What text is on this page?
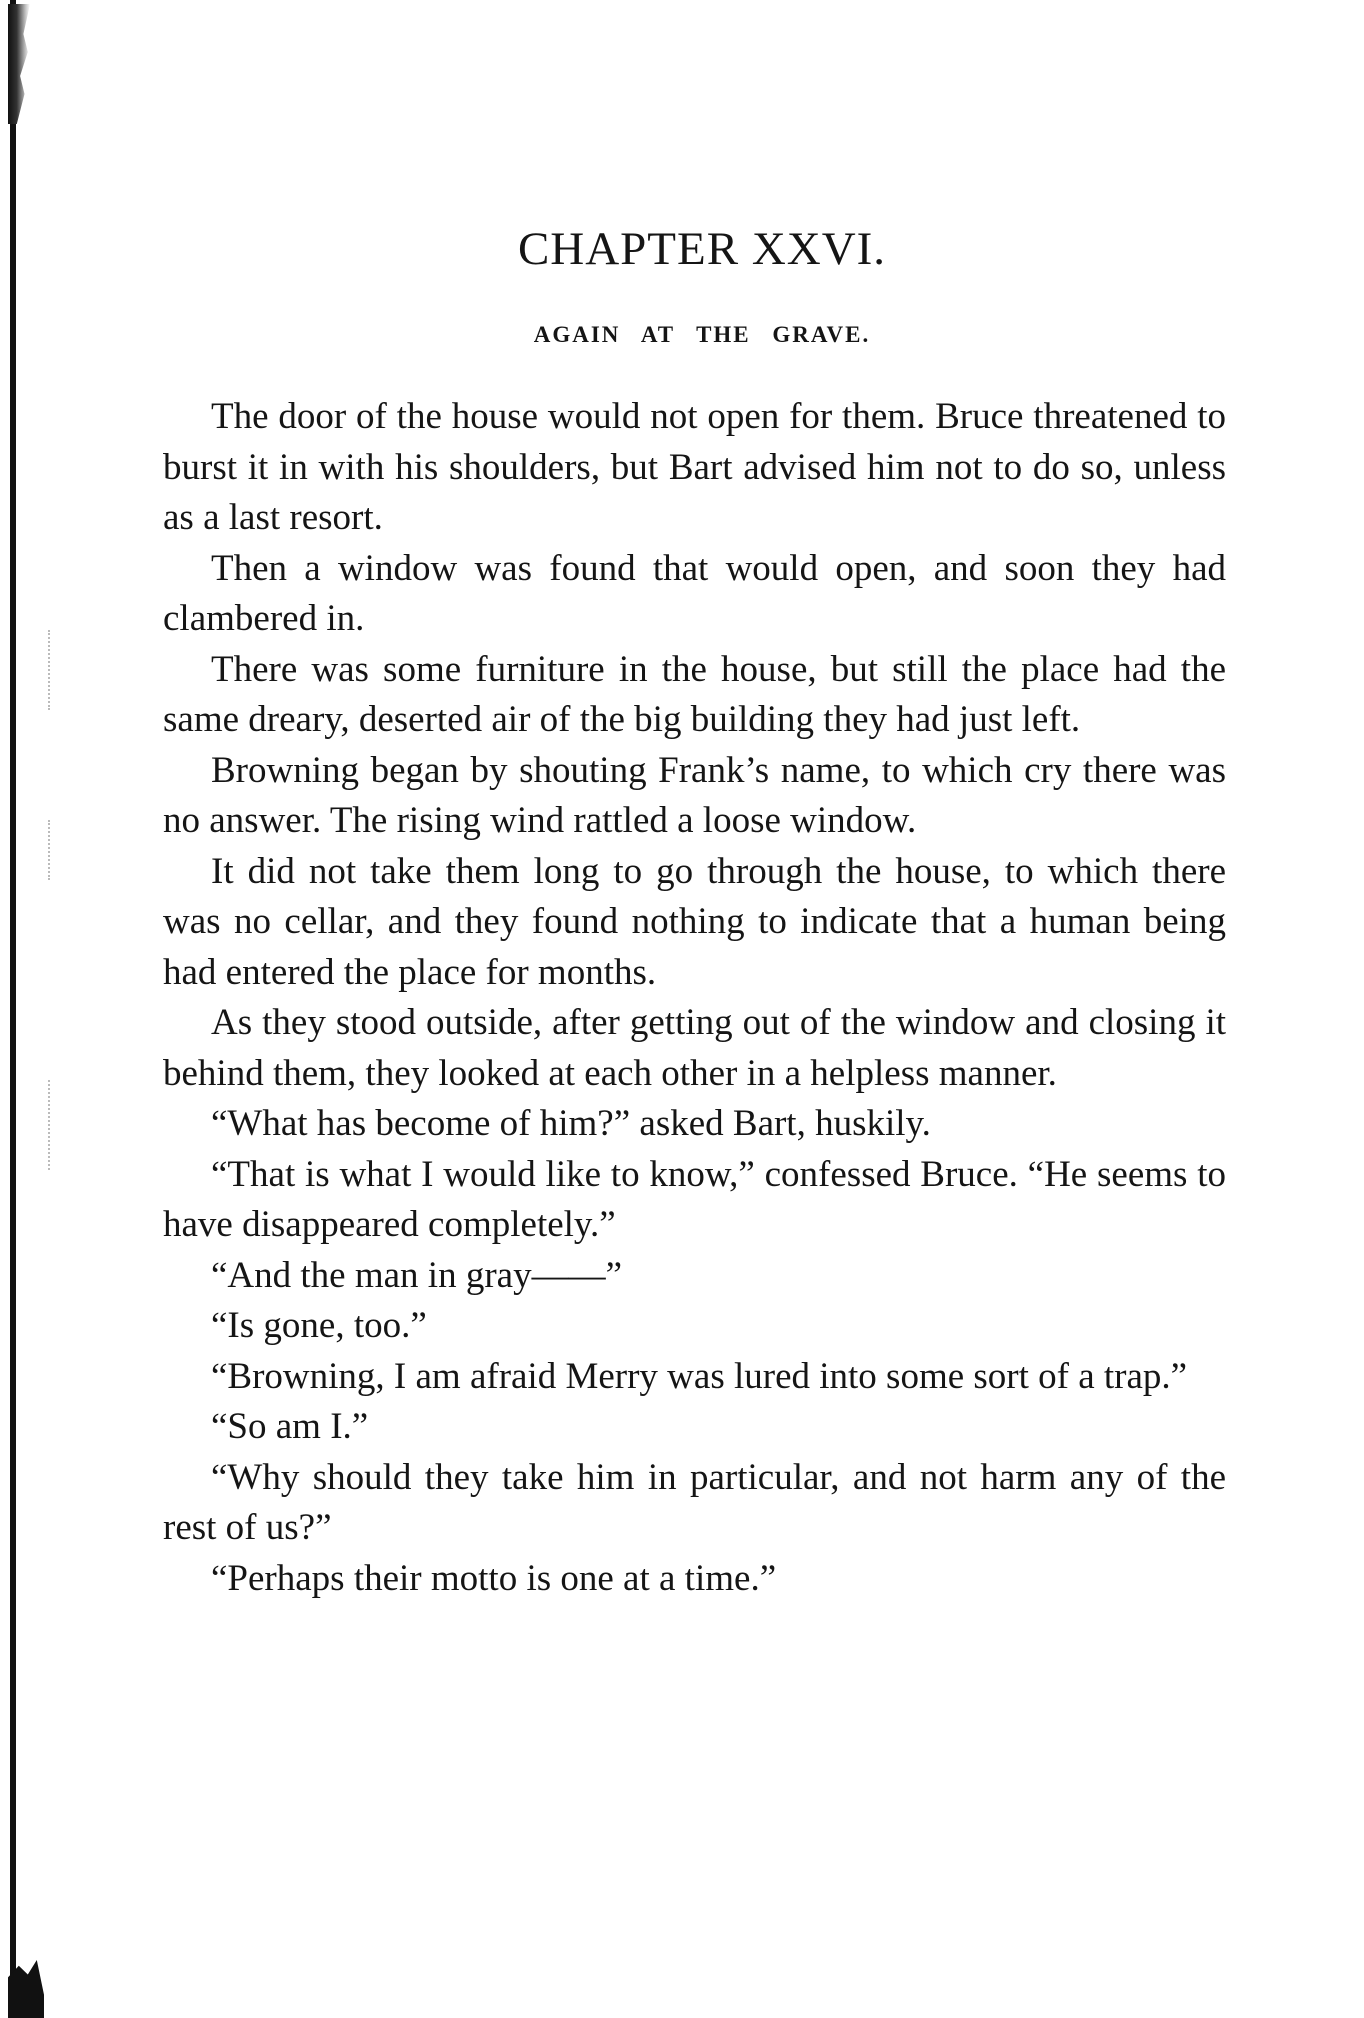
CHAPTER XXVI.
AGAIN AT THE GRAVE.

The door of the house would not open for them. Bruce threatened to burst it in with his shoulders, but Bart advised him not to do so, unless as a last resort.

Then a window was found that would open, and soon they had clambered in.

There was some furniture in the house, but still the place had the same dreary, deserted air of the big building they had just left.

Browning began by shouting Frank’s name, to which cry there was no answer. The rising wind rattled a loose window.

It did not take them long to go through the house, to which there was no cellar, and they found nothing to indicate that a human being had entered the place for months.

As they stood outside, after getting out of the window and closing it behind them, they looked at each other in a helpless manner.

“What has become of him?” asked Bart, huskily.

“That is what I would like to know,” confessed Bruce. “He seems to have disappeared completely.”

“And the man in gray——”

“Is gone, too.”

“Browning, I am afraid Merry was lured into some sort of a trap.”

“So am I.”

“Why should they take him in particular, and not harm any of the rest of us?”

“Perhaps their motto is one at a time.”
